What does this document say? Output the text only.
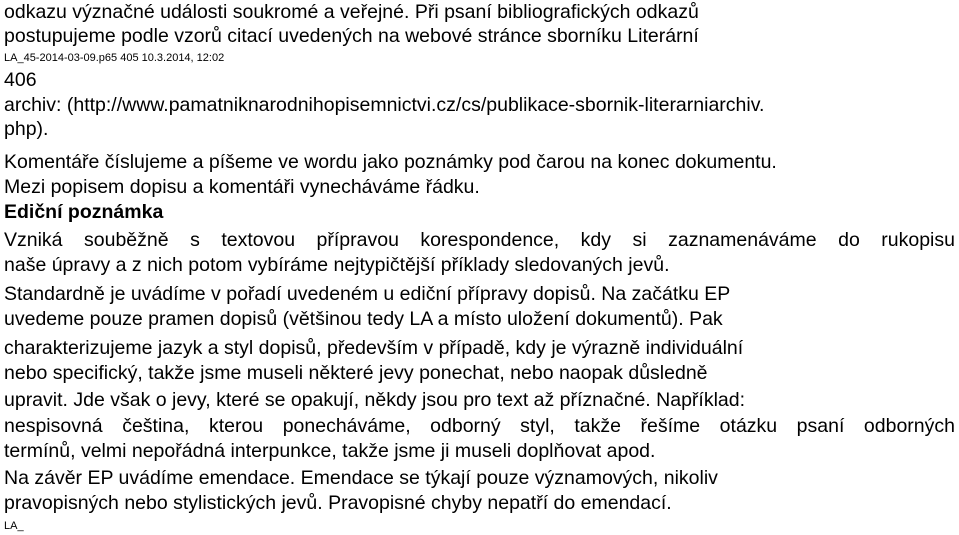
odkazu význačné události soukromé a veřejné. Při psaní bibliografických odkazů
postupujeme podle vzorů citací uvedených na webové stránce sborníku Literární
LA_45-2014-03-09.p65 405 10.3.2014, 12:02
406
archiv: (http://www.pamatniknarodnihopisemnictvi.cz/cs/publikace-sbornik-literarniarchiv.
php).
Komentáře číslujeme a píšeme ve wordu jako poznámky pod čarou na konec dokumentu.
Mezi popisem dopisu a komentáři vynecháváme řádku.
Ediční poznámka
Vzniká souběžně s textovou přípravou korespondence, kdy si zaznamenáváme do rukopisu
naše úpravy a z nich potom vybíráme nejtypičtější příklady sledovaných jevů.
Standardně je uvádíme v pořadí uvedeném u ediční přípravy dopisů. Na začátku EP
uvedeme pouze pramen dopisů (většinou tedy LA a místo uložení dokumentů). Pak
charakterizujeme jazyk a styl dopisů, především v případě, kdy je výrazně individuální
nebo specifický, takže jsme museli některé jevy ponechat, nebo naopak důsledně
upravit. Jde však o jevy, které se opakují, někdy jsou pro text až příznačné. Například:
nespisovná čeština, kterou ponecháváme, odborný styl, takže řešíme otázku psaní odborných
termínů, velmi nepořádná interpunkce, takže jsme ji museli doplňovat apod.
Na závěr EP uvádíme emendace. Emendace se týkají pouze významových, nikoliv
pravopisných nebo stylistických jevů. Pravopisné chyby nepatří do emendací.
LA_
